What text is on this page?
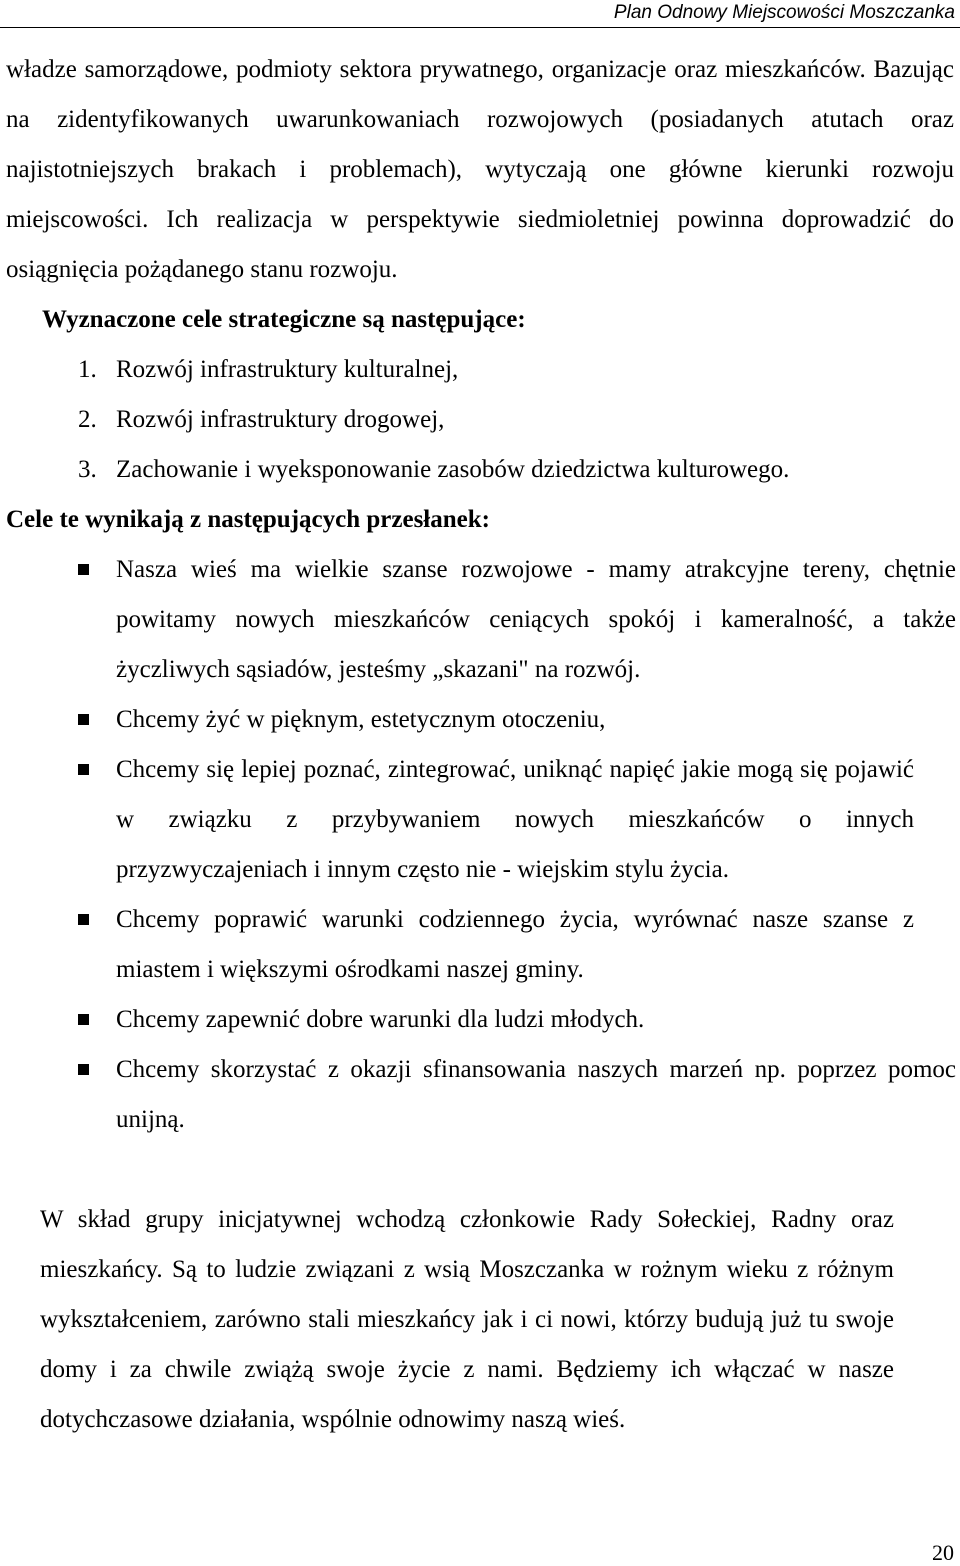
Plan Odnowy Miejscowości Moszczanka
władze samorządowe, podmioty sektora prywatnego, organizacje oraz mieszkańców. Bazując na zidentyfikowanych uwarunkowaniach rozwojowych (posiadanych atutach oraz najistotniejszych brakach i problemach), wytyczają one główne kierunki rozwoju miejscowości. Ich realizacja w perspektywie siedmioletniej powinna doprowadzić do osiągnięcia pożądanego stanu rozwoju.
Wyznaczone cele strategiczne są następujące:
1. Rozwój infrastruktury kulturalnej,
2. Rozwój infrastruktury drogowej,
3. Zachowanie i wyeksponowanie zasobów dziedzictwa kulturowego.
Cele te wynikają z następujących przesłanek:
Nasza wieś ma wielkie szanse rozwojowe - mamy atrakcyjne tereny, chętnie powitamy nowych mieszkańców ceniących spokój i kameralność, a także życzliwych sąsiadów, jesteśmy „skazani" na rozwój.
Chcemy żyć w pięknym, estetycznym otoczeniu,
Chcemy się lepiej poznać, zintegrować, uniknąć napięć jakie mogą się pojawić w związku z przybywaniem nowych mieszkańców o innych przyzwyczajeniach i innym często nie - wiejskim stylu życia.
Chcemy poprawić warunki codziennego życia, wyrównać nasze szanse z miastem i większymi ośrodkami naszej gminy.
Chcemy zapewnić dobre warunki dla ludzi młodych.
Chcemy skorzystać z okazji sfinansowania naszych marzeń np. poprzez pomoc unijną.
W skład grupy inicjatywnej wchodzą członkowie Rady Sołeckiej, Radny oraz mieszkańcy. Są to ludzie związani z wsią Moszczanka w rożnym wieku z różnym wykształceniem, zarówno stali mieszkańcy jak i ci nowi, którzy budują już tu swoje domy i za chwile zwiążą swoje życie z nami. Będziemy ich włączać w nasze dotychczasowe działania, wspólnie odnowimy naszą wieś.
20
